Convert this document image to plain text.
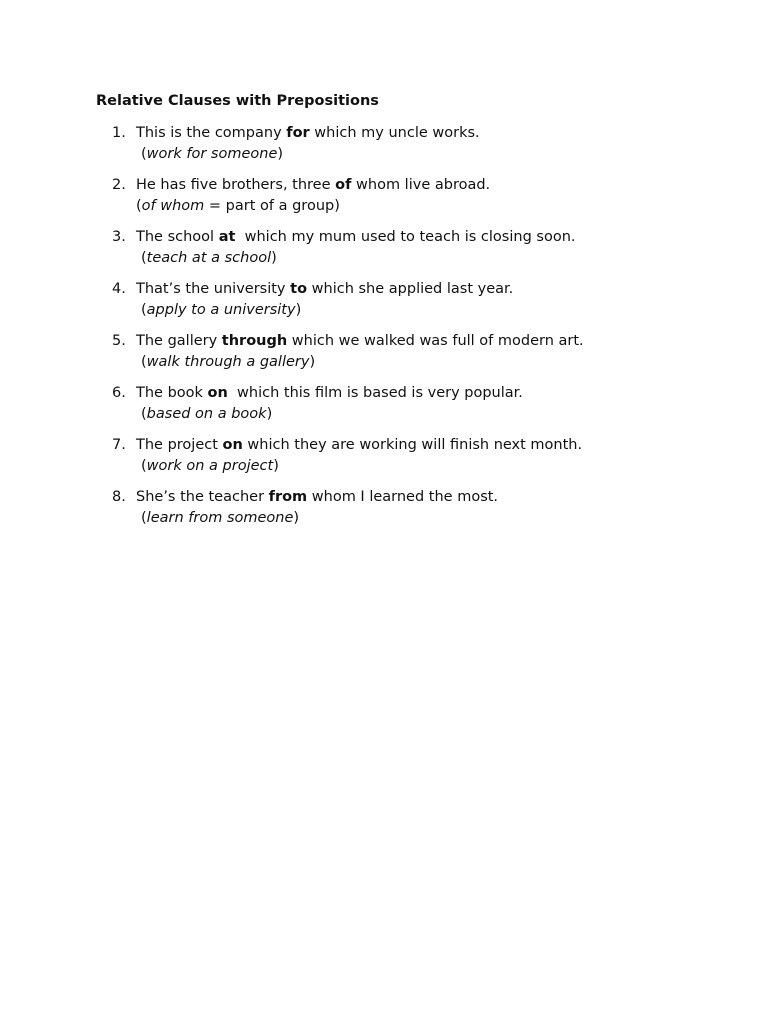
Relative Clauses with Prepositions
1. This is the company for which my uncle works.
(work for someone)
2. He has five brothers, three of whom live abroad.
(of whom = part of a group)
3. The school at  which my mum used to teach is closing soon.
(teach at a school)
4. That’s the university to which she applied last year.
(apply to a university)
5. The gallery through which we walked was full of modern art.
(walk through a gallery)
6. The book on  which this film is based is very popular.
(based on a book)
7. The project on which they are working will finish next month.
(work on a project)
8. She’s the teacher from whom I learned the most.
(learn from someone)
